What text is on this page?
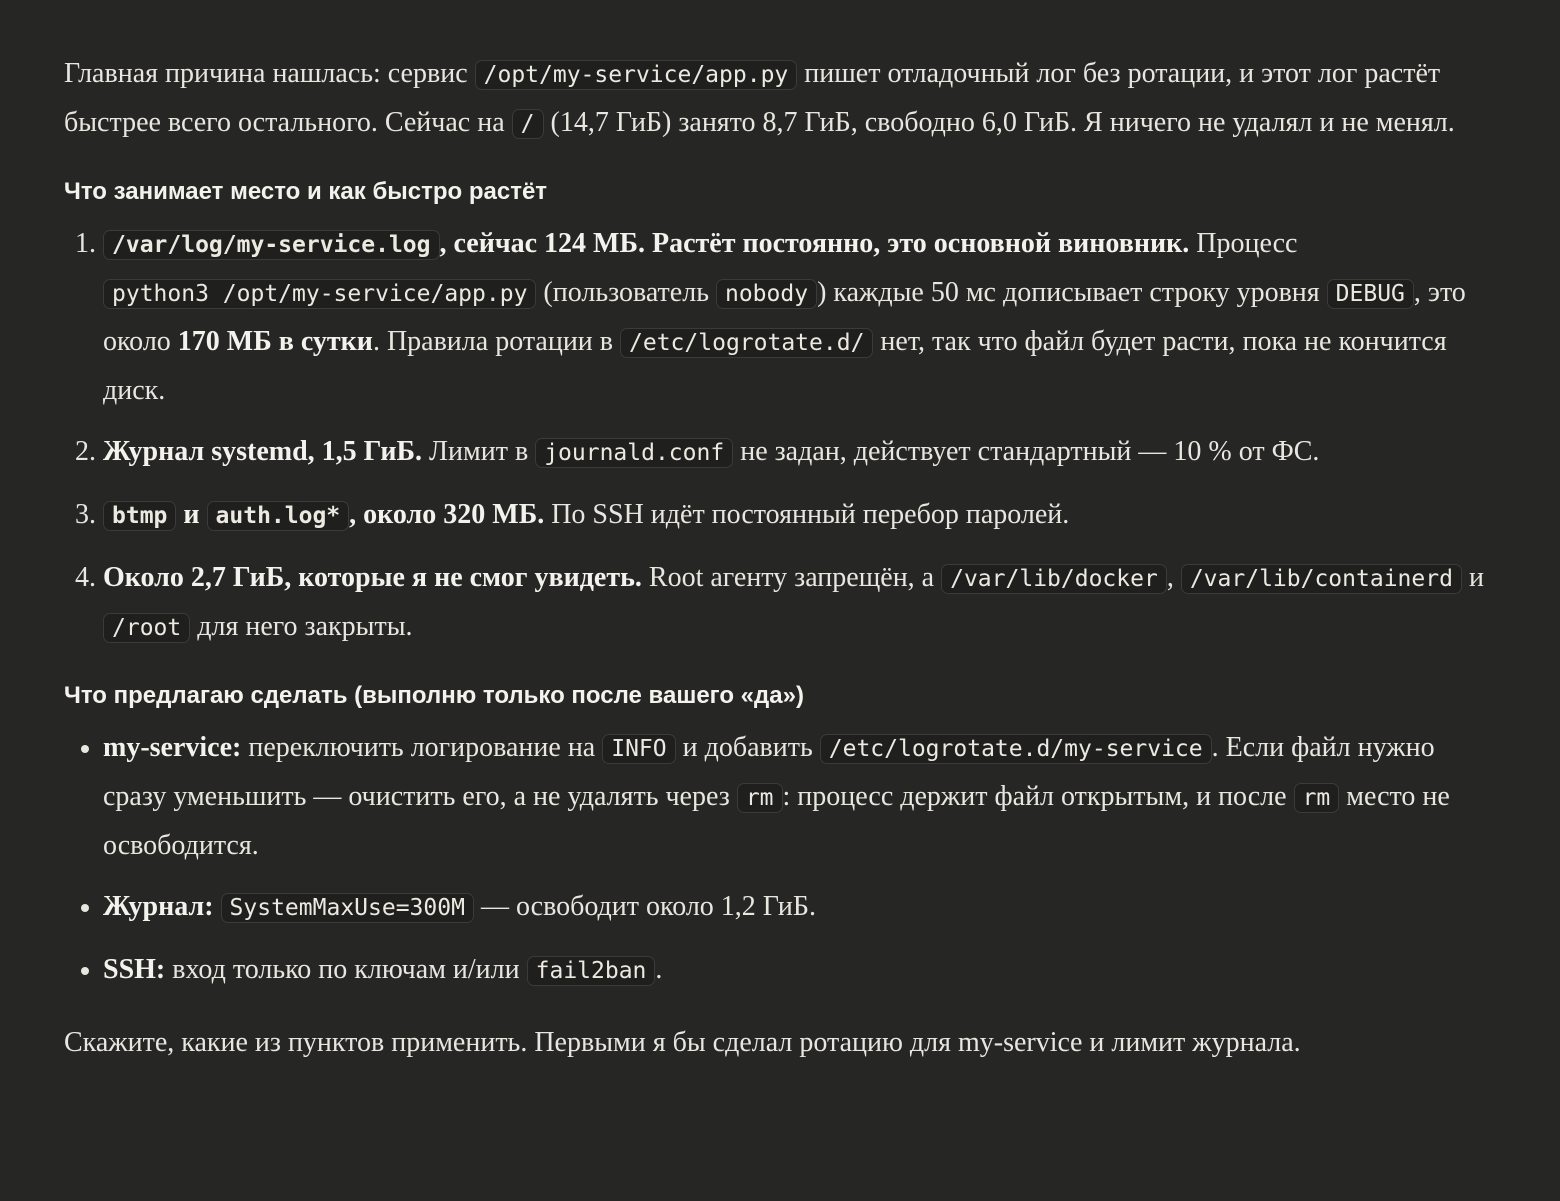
Главная причина нашлась: сервис /opt/my-service/app.py пишет отладочный лог без ротации, и этот лог растёт быстрее всего остального. Сейчас на / (14,7 ГиБ) занято 8,7 ГиБ, свободно 6,0 ГиБ. Я ничего не удалял и не менял.

Что занимает место и как быстро растёт
1. /var/log/my-service.log , сейчас 124 МБ. Растёт постоянно, это основной виновник. Процесс python3 /opt/my-service/app.py (пользователь nobody ) каждые 50 мс дописывает строку уровня DEBUG , это около 170 МБ в сутки. Правила ротации в /etc/logrotate.d/ нет, так что файл будет расти, пока не кончится диск.
2. Журнал systemd, 1,5 ГиБ. Лимит в journald.conf не задан, действует стандартный — 10 % от ФС.
3. btmp и auth.log* , около 320 МБ. По SSH идёт постоянный перебор паролей.
4. Около 2,7 ГиБ, которые я не смог увидеть. Root агенту запрещён, а /var/lib/docker , /var/lib/containerd и /root для него закрыты.
Что предлагаю сделать (выполню только после вашего «да»)
• my-service: переключить логирование на INFO и добавить /etc/logrotate.d/my-service . Если файл нужно сразу уменьшить — очистить его, а не удалять через rm : процесс держит файл открытым, и после rm место не освободится.
• Журнал: SystemMaxUse=300M — освободит около 1,2 ГиБ.
• SSH: вход только по ключам и/или fail2ban .

Скажите, какие из пунктов применить. Первыми я бы сделал ротацию для my-service и лимит журнала.
